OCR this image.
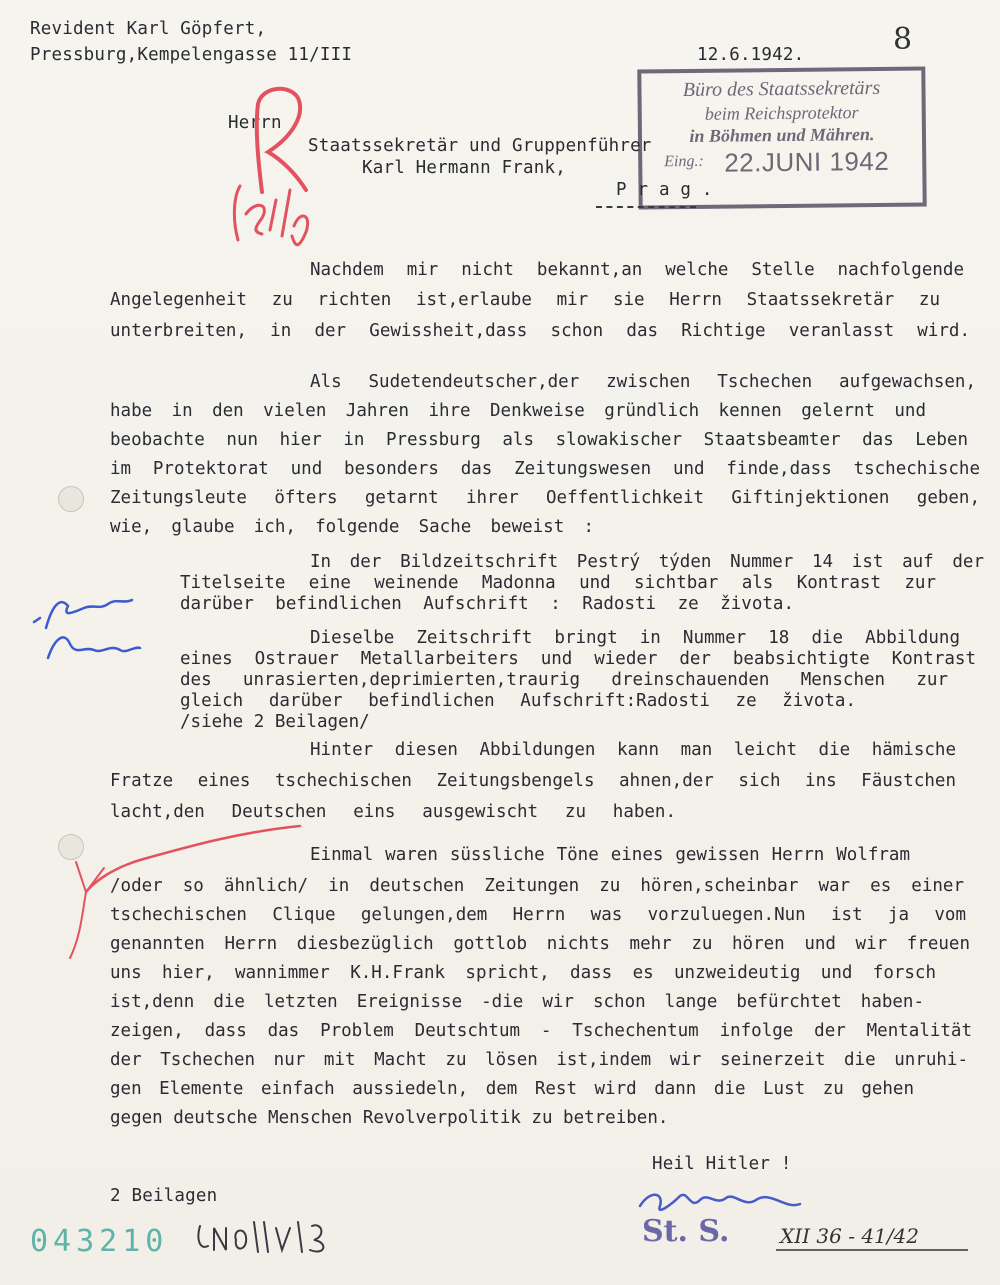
Revident Karl Göpfert,
Pressburg,Kempelengasse 11/III	12.6.1942.	8
Büro des Staatssekretärs
beim Reichsprotektor
in Böhmen und Mähren.
Eing.: 22.JUNI 1942
Herrn
Staatssekretär und Gruppenführer
Karl Hermann Frank,
P r a g .
Nachdem mir nicht bekannt,an welche Stelle nachfolgende
Angelegenheit zu richten ist,erlaube mir sie Herrn Staatssekretär zu
unterbreiten, in der Gewissheit,dass schon das Richtige veranlasst wird.
Als Sudetendeutscher,der zwischen Tschechen aufgewachsen,
habe in den vielen Jahren ihre Denkweise gründlich kennen gelernt und
beobachte nun hier in Pressburg als slowakischer Staatsbeamter das Leben
im Protektorat und besonders das Zeitungswesen und finde,dass tschechische
Zeitungsleute öfters getarnt ihrer Oeffentlichkeit Giftinjektionen geben,
wie, glaube ich, folgende Sache beweist :
In der Bildzeitschrift Pestrý týden Nummer 14 ist auf der
Titelseite eine weinende Madonna und sichtbar als Kontrast zur
darüber befindlichen Aufschrift : Radosti ze života.
Dieselbe Zeitschrift bringt in Nummer 18 die Abbildung
eines Ostrauer Metallarbeiters und wieder der beabsichtigte Kontrast
des unrasierten,deprimierten,traurig dreinschauenden Menschen zur
gleich darüber befindlichen Aufschrift:Radosti ze života.
/siehe 2 Beilagen/
Hinter diesen Abbildungen kann man leicht die hämische
Fratze eines tschechischen Zeitungsbengels ahnen,der sich ins Fäustchen
lacht,den Deutschen eins ausgewischt zu haben.
Einmal waren süssliche Töne eines gewissen Herrn Wolfram
/oder so ähnlich/ in deutschen Zeitungen zu hören,scheinbar war es einer
tschechischen Clique gelungen,dem Herrn was vorzuluegen.Nun ist ja vom
genannten Herrn diesbezüglich gottlob nichts mehr zu hören und wir freuen
uns hier, wannimmer K.H.Frank spricht, dass es unzweideutig und forsch
ist,denn die letzten Ereignisse -die wir schon lange befürchtet haben-
zeigen, dass das Problem Deutschtum - Tschechentum infolge der Mentalität
der Tschechen nur mit Macht zu lösen ist,indem wir seinerzeit die unruhi-
gen Elemente einfach aussiedeln, dem Rest wird dann die Lust zu gehen
gegen deutsche Menschen Revolverpolitik zu betreiben.
Heil Hitler !
2 Beilagen
043210	St. S.	XII 36 - 41/42
